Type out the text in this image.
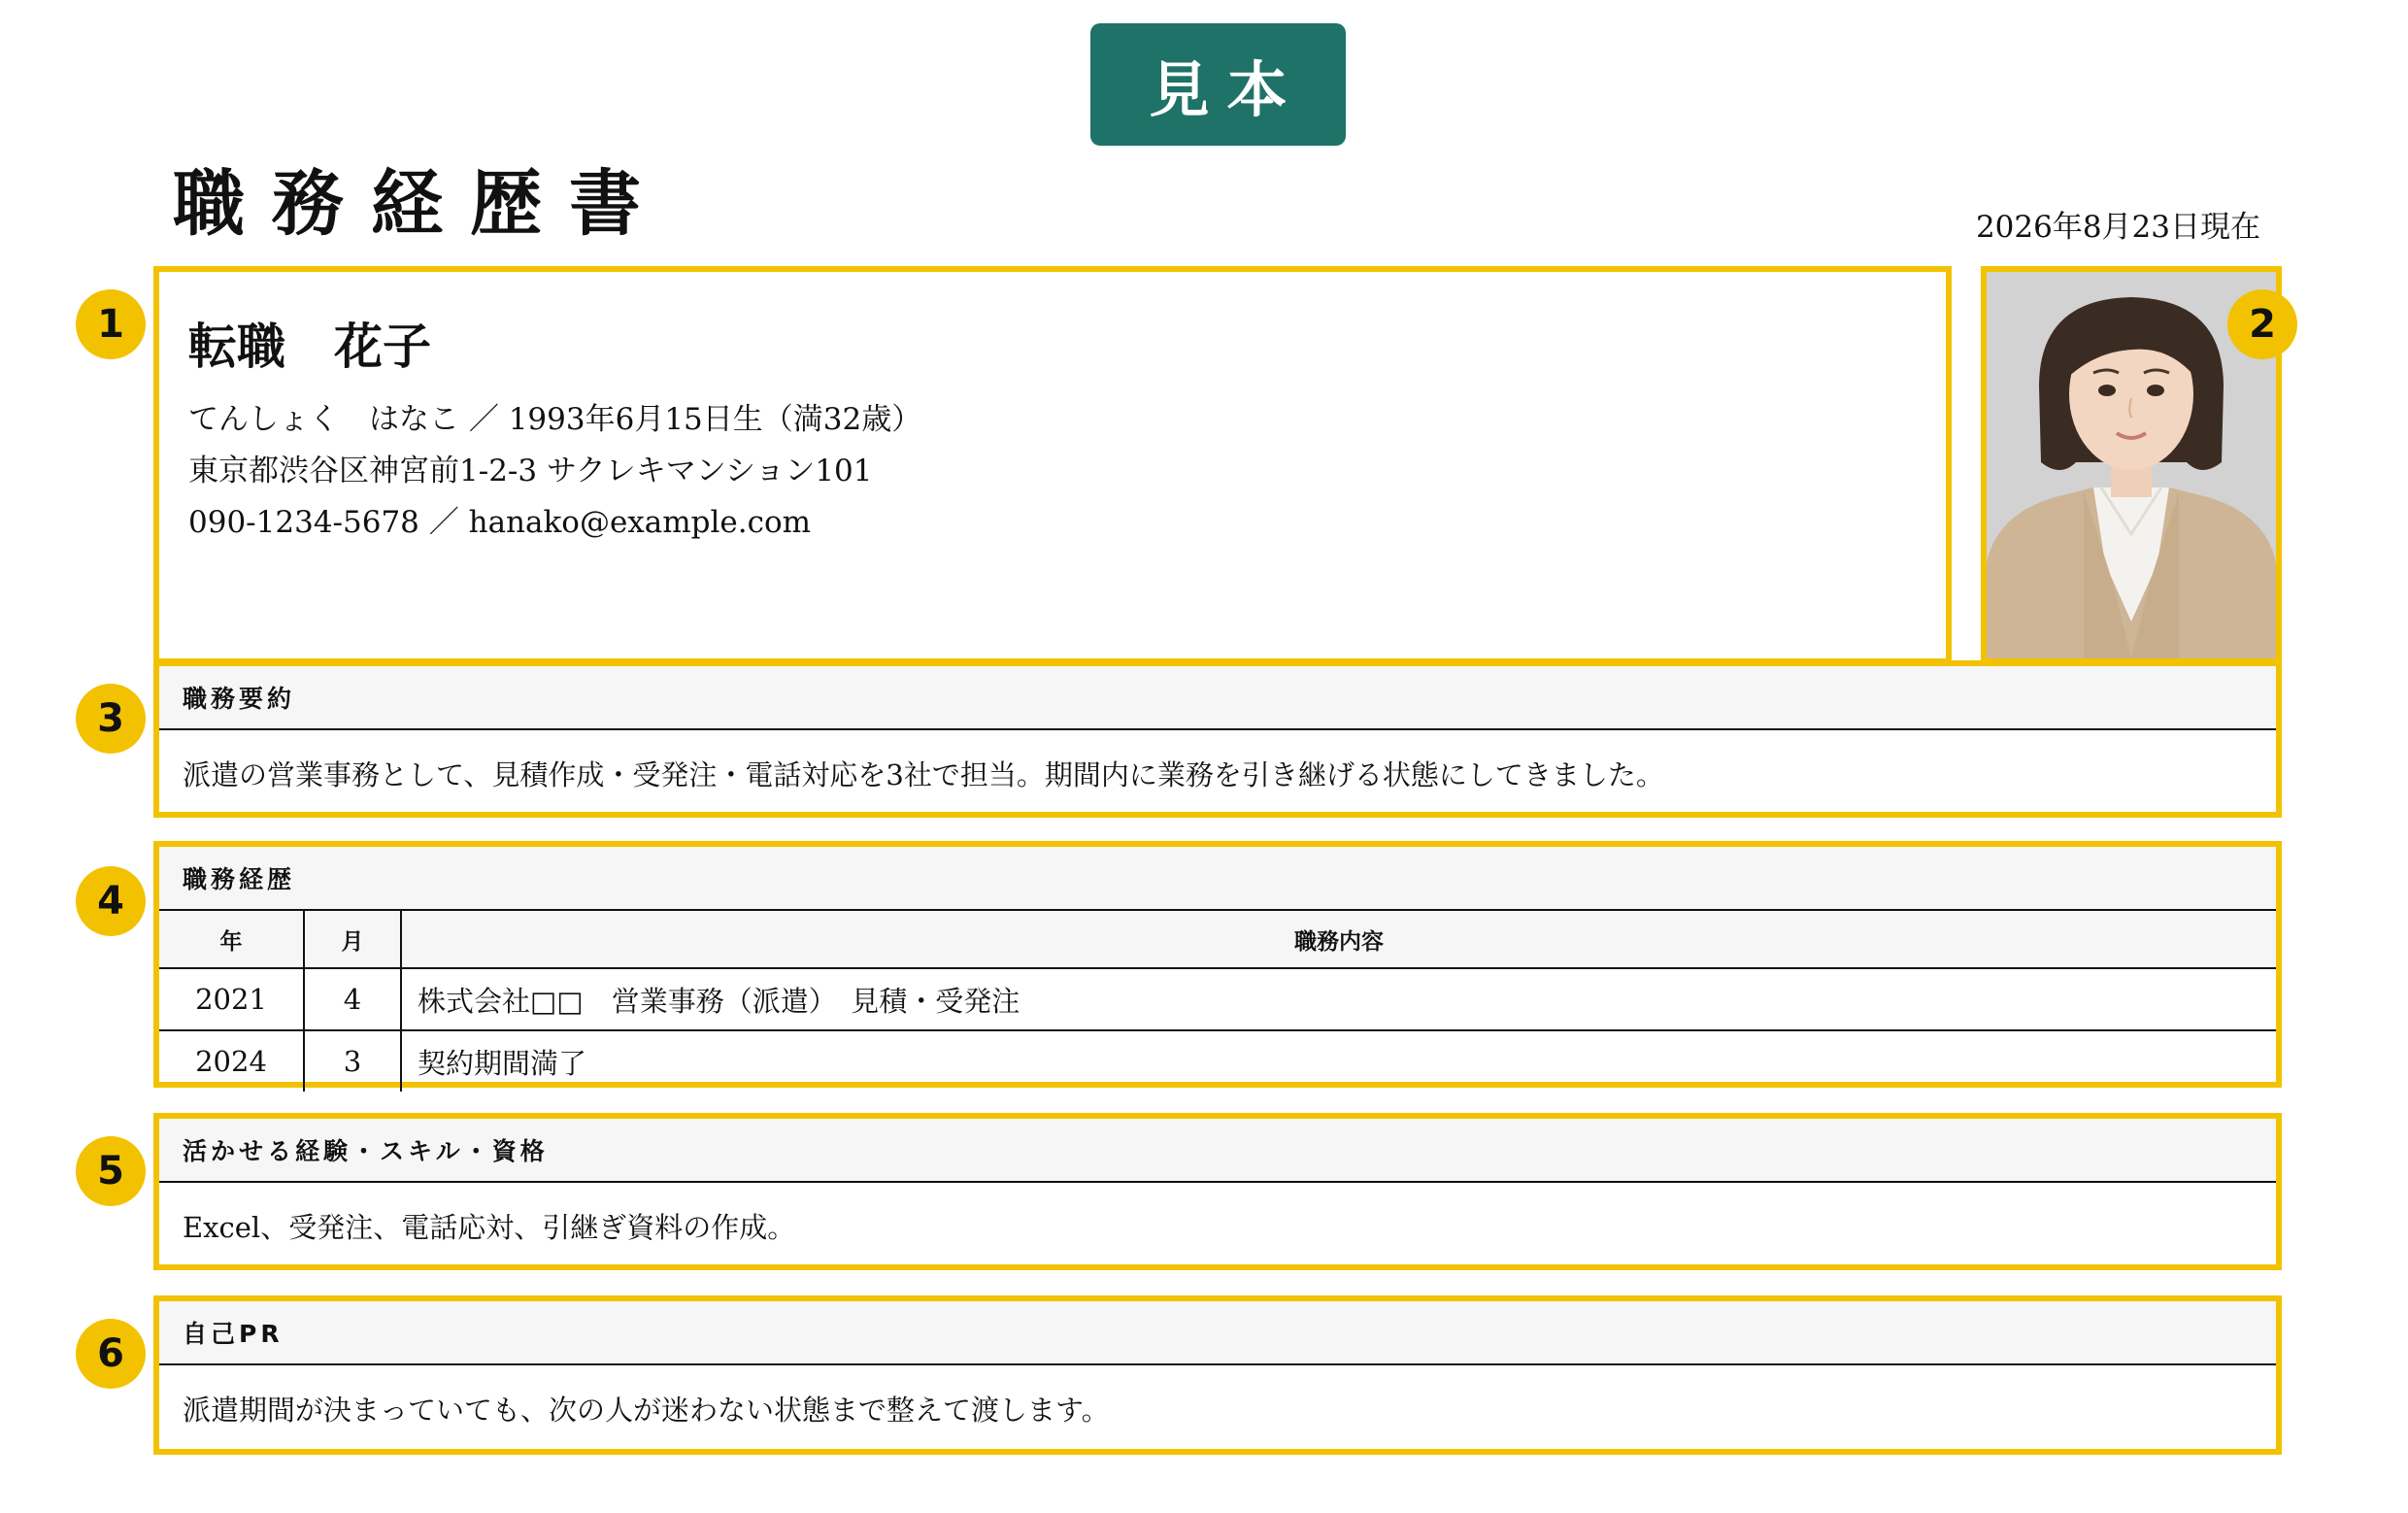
見本
職務経歴書	2026年8月23日現在
転職　花子
てんしょく　はなこ ／ 1993年6月15日生（満32歳）
東京都渋谷区神宮前1-2-3 サクレキマンション101
090-1234-5678 ／ hanako@example.com
職務要約
派遣の営業事務として、見積作成・受発注・電話対応を3社で担当。期間内に業務を引き継げる状態にしてきました。
職務経歴
年	月	職務内容
2021	4	株式会社□□　営業事務（派遣）　見積・受発注
2024	3	契約期間満了
活かせる経験・スキル・資格
Excel、受発注、電話応対、引継ぎ資料の作成。
自己PR
派遣期間が決まっていても、次の人が迷わない状態まで整えて渡します。
1	2
3
4
5
6
